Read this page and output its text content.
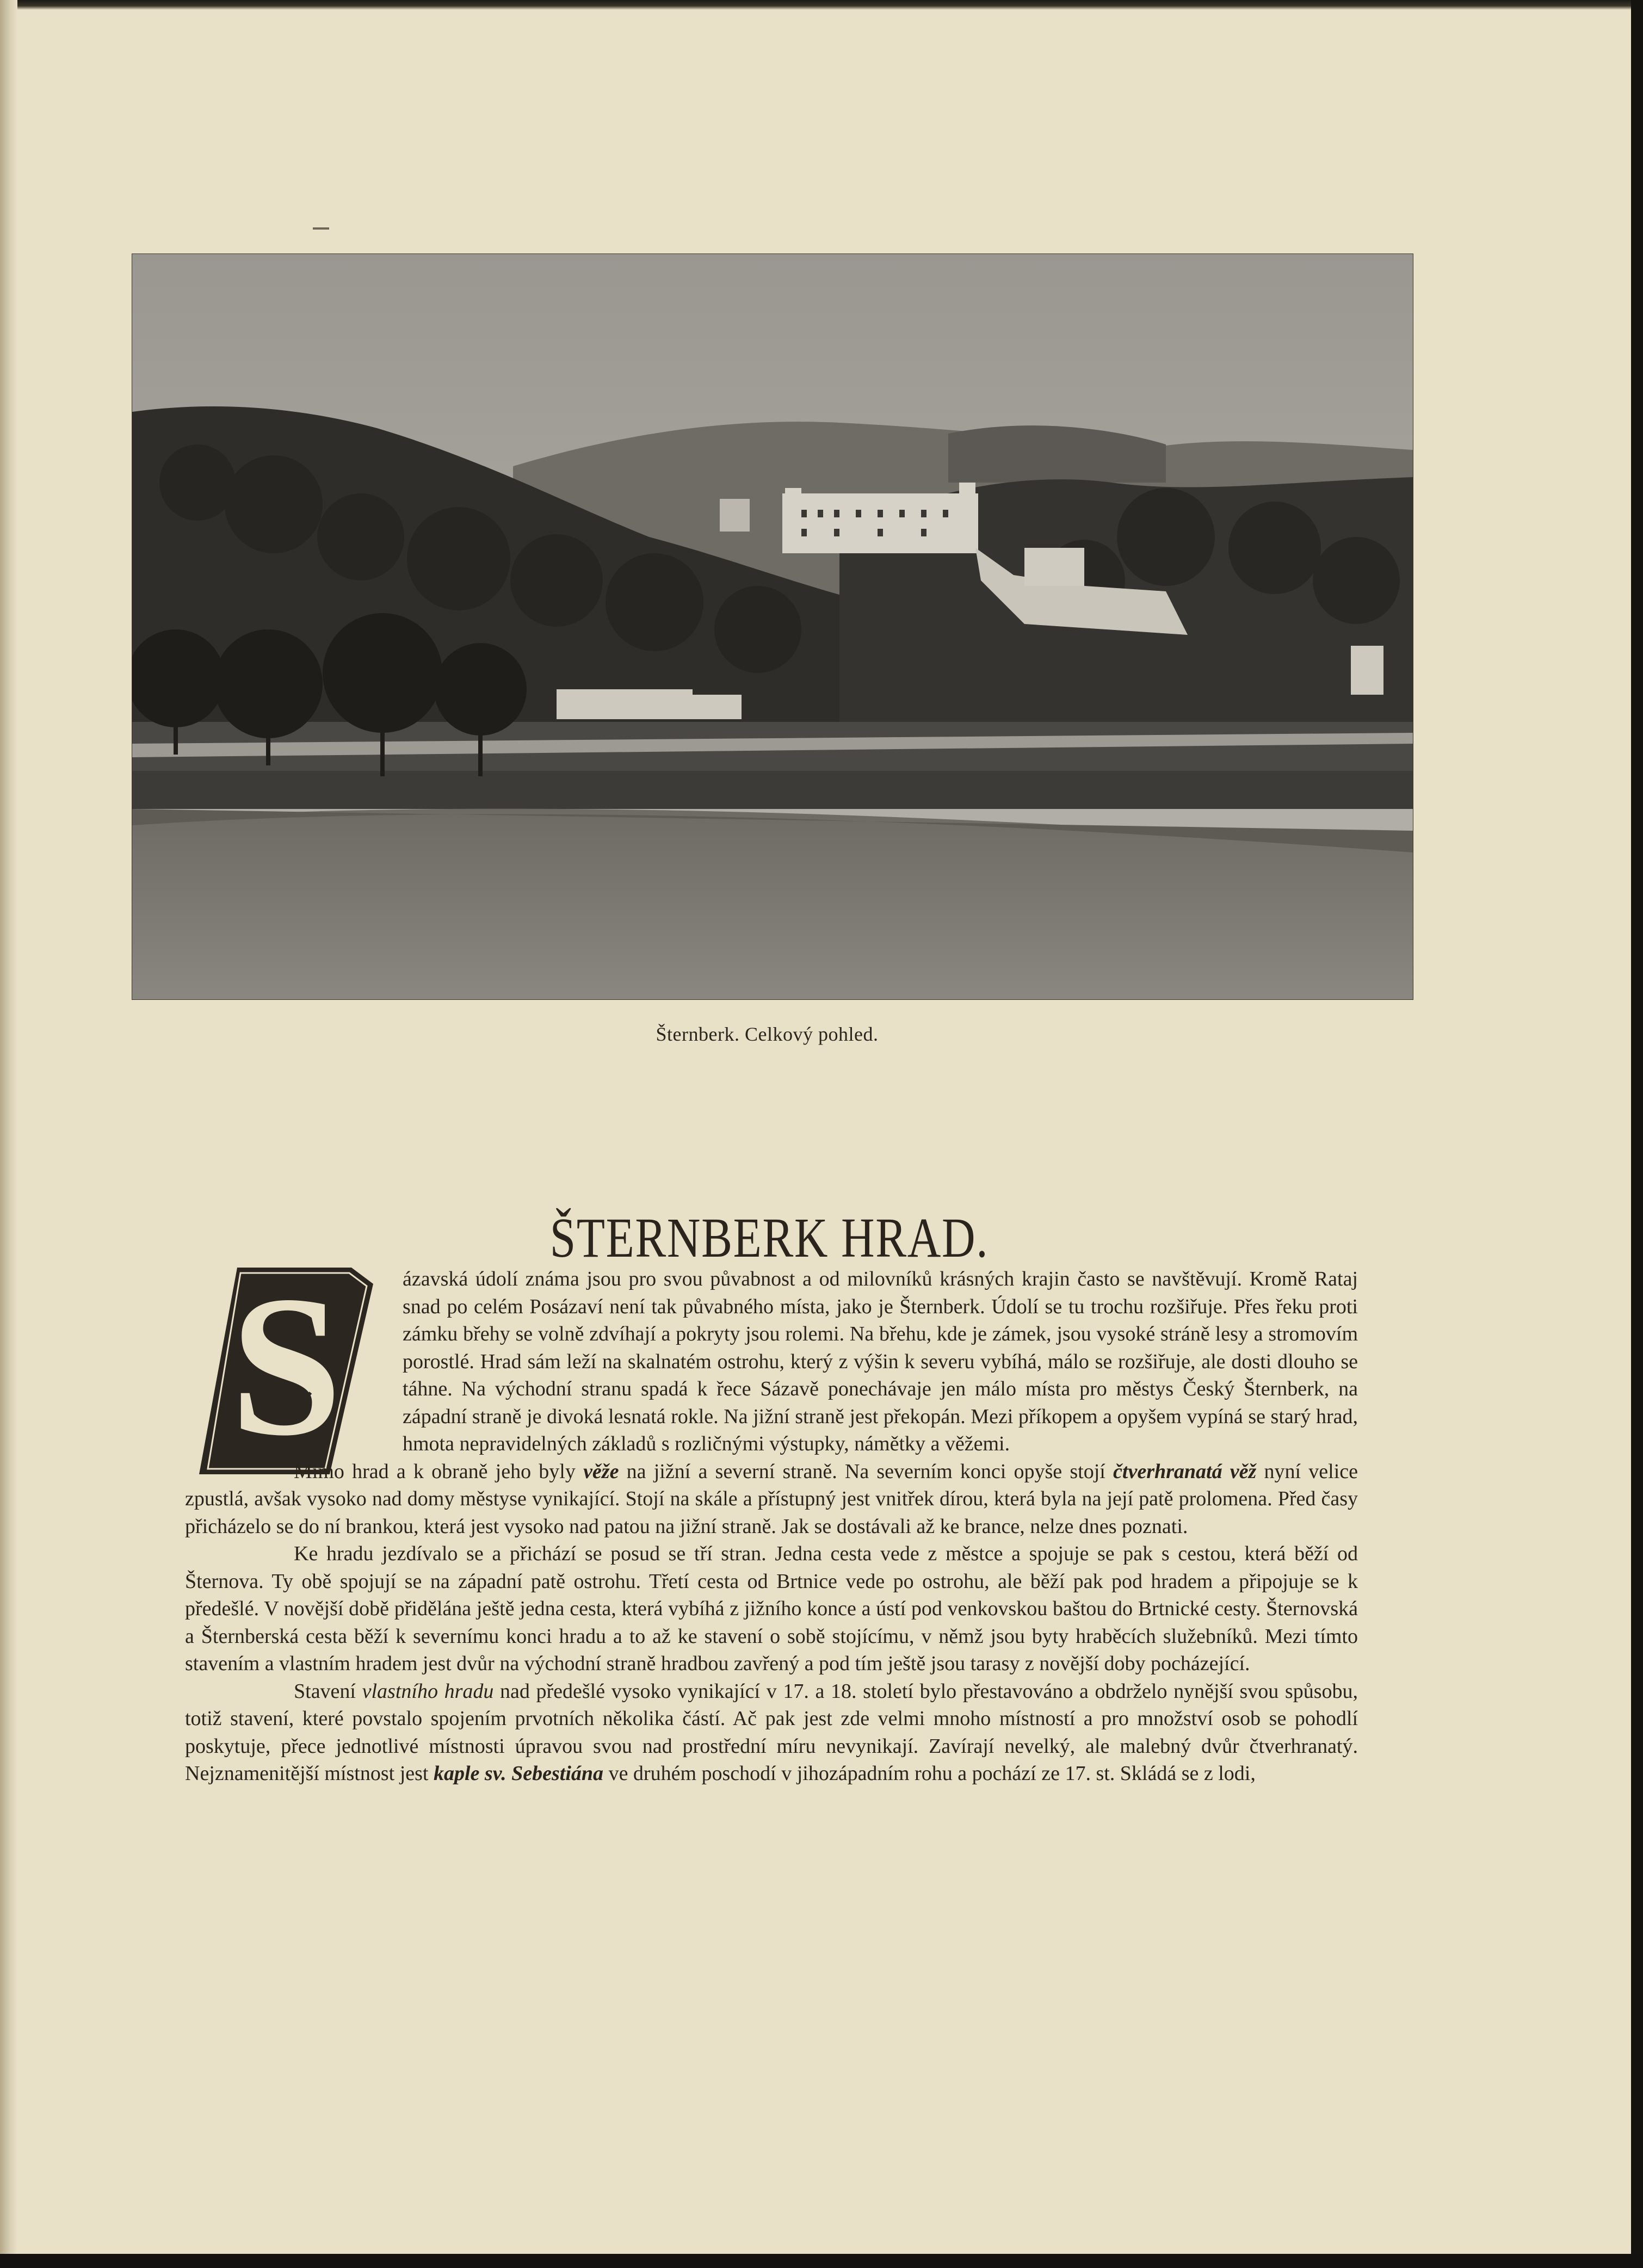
Šternberk. Celkový pohled.
ŠTERNBERK HRAD.
S	ázavská údolí známa jsou pro svou půvabnost a od milovníků krásných krajin často se navštěvují. Kromě Rataj snad po celém Posázaví není tak půvabného místa, jako je Šternberk. Údolí se tu trochu rozšiřuje. Přes řeku proti zámku břehy se volně zdvíhají a pokryty jsou rolemi. Na břehu, kde je zámek, jsou vysoké stráně lesy a stromovím porostlé. Hrad sám leží na skalnatém ostrohu, který z výšin k severu vybíhá, málo se rozšiřuje, ale dosti dlouho se táhne. Na východní stranu spadá k řece Sázavě ponechávaje jen málo místa pro městys Český Šternberk, na západní straně je divoká lesnatá rokle. Na jižní straně jest překopán. Mezi příkopem a opyšem vypíná se starý hrad, hmota nepravidelných základů s rozličnými výstupky, námětky a věžemi.

Mimo hrad a k obraně jeho byly věže na jižní a severní straně. Na severním konci opyše stojí čtverhranatá věž nyní velice zpustlá, avšak vysoko nad domy městyse vynikající. Stojí na skále a přístupný jest vnitřek dírou, která byla na její patě prolomena. Před časy přicházelo se do ní brankou, která jest vysoko nad patou na jižní straně. Jak se dostávali až ke brance, nelze dnes poznati.

Ke hradu jezdívalo se a přichází se posud se tří stran. Jedna cesta vede z městce a spojuje se pak s cestou, která běží od Šternova. Ty obě spojují se na západní patě ostrohu. Třetí cesta od Brtnice vede po ostrohu, ale běží pak pod hradem a připojuje se k předešlé. V novější době přidělána ještě jedna cesta, která vybíhá z jižního konce a ústí pod venkovskou baštou do Brtnické cesty. Šternovská a Šternberská cesta běží k severnímu konci hradu a to až ke stavení o sobě stojícímu, v němž jsou byty hraběcích služebníků. Mezi tímto stavením a vlastním hradem jest dvůr na východní straně hradbou zavřený a pod tím ještě jsou tarasy z novější doby pocházející.

Stavení vlastního hradu nad předešlé vysoko vynikající v 17. a 18. století bylo přestavováno a obdrželo nynější svou spůsobu, totiž stavení, které povstalo spojením prvotních několika částí. Ač pak jest zde velmi mnoho místností a pro množství osob se pohodlí poskytuje, přece jednotlivé místnosti úpravou svou nad prostřední míru nevynikají. Zavírají nevelký, ale malebný dvůr čtverhranatý. Nejznamenitější místnost jest kaple sv. Sebestiána ve druhém poschodí v jihozápadním rohu a pochází ze 17. st. Skládá se z lodi,
